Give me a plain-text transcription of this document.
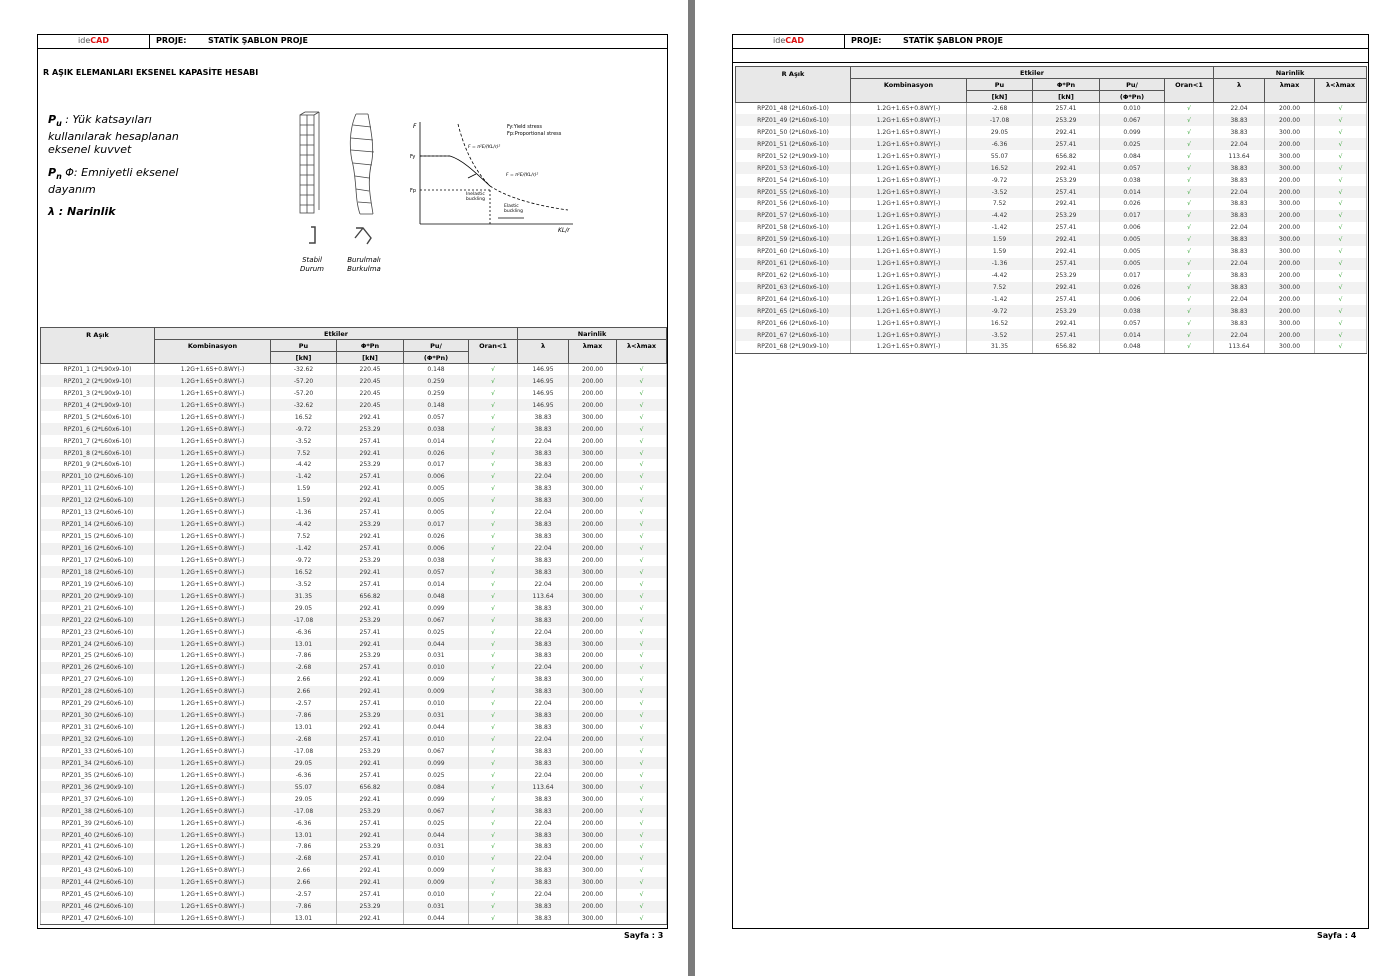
ideCAD	PROJE:	STATİK ŞABLON PROJE
R AŞIK ELEMANLARI EKSENEL KAPASİTE HESABI
$P_u$ : Yük katsayıları kullanılarak hesaplanan eksenel kuvvet
$P_n$ Φ: Emniyetli eksenel dayanım
λ : Narinlik
Stabil
Durum
Burulmalı
Burkulma
F
Fy
Fp
Fy:Yield stress
Fp:Proportional stress
F = π²E/(KL/r)²
F = π²E/(KL/r)²
Inelastic
buckling
Elastic
buckling
KL/r
R Aşık	Etkiler					Narinlik		
	Kombinasyon	Pu	Φ*Pn	Pu/	Oran<1	λ	λmax	λ<λmax
		[kN]	[kN]	(Φ*Pn)				
RPZ01_1 (2*L90x9-10)	1.2G+1.6S+0.8WY(-)	-32.62	220.45	0.148	√	146.95	200.00	√
RPZ01_2 (2*L90x9-10)	1.2G+1.6S+0.8WY(-)	-57.20	220.45	0.259	√	146.95	200.00	√
RPZ01_3 (2*L90x9-10)	1.2G+1.6S+0.8WY(-)	-57.20	220.45	0.259	√	146.95	200.00	√
RPZ01_4 (2*L90x9-10)	1.2G+1.6S+0.8WY(-)	-32.62	220.45	0.148	√	146.95	200.00	√
RPZ01_5 (2*L60x6-10)	1.2G+1.6S+0.8WY(-)	16.52	292.41	0.057	√	38.83	300.00	√
RPZ01_6 (2*L60x6-10)	1.2G+1.6S+0.8WY(-)	-9.72	253.29	0.038	√	38.83	200.00	√
RPZ01_7 (2*L60x6-10)	1.2G+1.6S+0.8WY(-)	-3.52	257.41	0.014	√	22.04	200.00	√
RPZ01_8 (2*L60x6-10)	1.2G+1.6S+0.8WY(-)	7.52	292.41	0.026	√	38.83	300.00	√
RPZ01_9 (2*L60x6-10)	1.2G+1.6S+0.8WY(-)	-4.42	253.29	0.017	√	38.83	200.00	√
RPZ01_10 (2*L60x6-10)	1.2G+1.6S+0.8WY(-)	-1.42	257.41	0.006	√	22.04	200.00	√
RPZ01_11 (2*L60x6-10)	1.2G+1.6S+0.8WY(-)	1.59	292.41	0.005	√	38.83	300.00	√
RPZ01_12 (2*L60x6-10)	1.2G+1.6S+0.8WY(-)	1.59	292.41	0.005	√	38.83	300.00	√
RPZ01_13 (2*L60x6-10)	1.2G+1.6S+0.8WY(-)	-1.36	257.41	0.005	√	22.04	200.00	√
RPZ01_14 (2*L60x6-10)	1.2G+1.6S+0.8WY(-)	-4.42	253.29	0.017	√	38.83	200.00	√
RPZ01_15 (2*L60x6-10)	1.2G+1.6S+0.8WY(-)	7.52	292.41	0.026	√	38.83	300.00	√
RPZ01_16 (2*L60x6-10)	1.2G+1.6S+0.8WY(-)	-1.42	257.41	0.006	√	22.04	200.00	√
RPZ01_17 (2*L60x6-10)	1.2G+1.6S+0.8WY(-)	-9.72	253.29	0.038	√	38.83	200.00	√
RPZ01_18 (2*L60x6-10)	1.2G+1.6S+0.8WY(-)	16.52	292.41	0.057	√	38.83	300.00	√
RPZ01_19 (2*L60x6-10)	1.2G+1.6S+0.8WY(-)	-3.52	257.41	0.014	√	22.04	200.00	√
RPZ01_20 (2*L90x9-10)	1.2G+1.6S+0.8WY(-)	31.35	656.82	0.048	√	113.64	300.00	√
RPZ01_21 (2*L60x6-10)	1.2G+1.6S+0.8WY(-)	29.05	292.41	0.099	√	38.83	300.00	√
RPZ01_22 (2*L60x6-10)	1.2G+1.6S+0.8WY(-)	-17.08	253.29	0.067	√	38.83	200.00	√
RPZ01_23 (2*L60x6-10)	1.2G+1.6S+0.8WY(-)	-6.36	257.41	0.025	√	22.04	200.00	√
RPZ01_24 (2*L60x6-10)	1.2G+1.6S+0.8WY(-)	13.01	292.41	0.044	√	38.83	300.00	√
RPZ01_25 (2*L60x6-10)	1.2G+1.6S+0.8WY(-)	-7.86	253.29	0.031	√	38.83	200.00	√
RPZ01_26 (2*L60x6-10)	1.2G+1.6S+0.8WY(-)	-2.68	257.41	0.010	√	22.04	200.00	√
RPZ01_27 (2*L60x6-10)	1.2G+1.6S+0.8WY(-)	2.66	292.41	0.009	√	38.83	300.00	√
RPZ01_28 (2*L60x6-10)	1.2G+1.6S+0.8WY(-)	2.66	292.41	0.009	√	38.83	300.00	√
RPZ01_29 (2*L60x6-10)	1.2G+1.6S+0.8WY(-)	-2.57	257.41	0.010	√	22.04	200.00	√
RPZ01_30 (2*L60x6-10)	1.2G+1.6S+0.8WY(-)	-7.86	253.29	0.031	√	38.83	200.00	√
RPZ01_31 (2*L60x6-10)	1.2G+1.6S+0.8WY(-)	13.01	292.41	0.044	√	38.83	300.00	√
RPZ01_32 (2*L60x6-10)	1.2G+1.6S+0.8WY(-)	-2.68	257.41	0.010	√	22.04	200.00	√
RPZ01_33 (2*L60x6-10)	1.2G+1.6S+0.8WY(-)	-17.08	253.29	0.067	√	38.83	200.00	√
RPZ01_34 (2*L60x6-10)	1.2G+1.6S+0.8WY(-)	29.05	292.41	0.099	√	38.83	300.00	√
RPZ01_35 (2*L60x6-10)	1.2G+1.6S+0.8WY(-)	-6.36	257.41	0.025	√	22.04	200.00	√
RPZ01_36 (2*L90x9-10)	1.2G+1.6S+0.8WY(-)	55.07	656.82	0.084	√	113.64	300.00	√
RPZ01_37 (2*L60x6-10)	1.2G+1.6S+0.8WY(-)	29.05	292.41	0.099	√	38.83	300.00	√
RPZ01_38 (2*L60x6-10)	1.2G+1.6S+0.8WY(-)	-17.08	253.29	0.067	√	38.83	200.00	√
RPZ01_39 (2*L60x6-10)	1.2G+1.6S+0.8WY(-)	-6.36	257.41	0.025	√	22.04	200.00	√
RPZ01_40 (2*L60x6-10)	1.2G+1.6S+0.8WY(-)	13.01	292.41	0.044	√	38.83	300.00	√
RPZ01_41 (2*L60x6-10)	1.2G+1.6S+0.8WY(-)	-7.86	253.29	0.031	√	38.83	200.00	√
RPZ01_42 (2*L60x6-10)	1.2G+1.6S+0.8WY(-)	-2.68	257.41	0.010	√	22.04	200.00	√
RPZ01_43 (2*L60x6-10)	1.2G+1.6S+0.8WY(-)	2.66	292.41	0.009	√	38.83	300.00	√
RPZ01_44 (2*L60x6-10)	1.2G+1.6S+0.8WY(-)	2.66	292.41	0.009	√	38.83	300.00	√
RPZ01_45 (2*L60x6-10)	1.2G+1.6S+0.8WY(-)	-2.57	257.41	0.010	√	22.04	200.00	√
RPZ01_46 (2*L60x6-10)	1.2G+1.6S+0.8WY(-)	-7.86	253.29	0.031	√	38.83	200.00	√
RPZ01_47 (2*L60x6-10)	1.2G+1.6S+0.8WY(-)	13.01	292.41	0.044	√	38.83	300.00	√
Sayfa : 3
ideCAD	PROJE:	STATİK ŞABLON PROJE
R Aşık	Etkiler					Narinlik		
	Kombinasyon	Pu	Φ*Pn	Pu/	Oran<1	λ	λmax	λ<λmax
		[kN]	[kN]	(Φ*Pn)				
RPZ01_48 (2*L60x6-10)	1.2G+1.6S+0.8WY(-)	-2.68	257.41	0.010	√	22.04	200.00	√
RPZ01_49 (2*L60x6-10)	1.2G+1.6S+0.8WY(-)	-17.08	253.29	0.067	√	38.83	200.00	√
RPZ01_50 (2*L60x6-10)	1.2G+1.6S+0.8WY(-)	29.05	292.41	0.099	√	38.83	300.00	√
RPZ01_51 (2*L60x6-10)	1.2G+1.6S+0.8WY(-)	-6.36	257.41	0.025	√	22.04	200.00	√
RPZ01_52 (2*L90x9-10)	1.2G+1.6S+0.8WY(-)	55.07	656.82	0.084	√	113.64	300.00	√
RPZ01_53 (2*L60x6-10)	1.2G+1.6S+0.8WY(-)	16.52	292.41	0.057	√	38.83	300.00	√
RPZ01_54 (2*L60x6-10)	1.2G+1.6S+0.8WY(-)	-9.72	253.29	0.038	√	38.83	200.00	√
RPZ01_55 (2*L60x6-10)	1.2G+1.6S+0.8WY(-)	-3.52	257.41	0.014	√	22.04	200.00	√
RPZ01_56 (2*L60x6-10)	1.2G+1.6S+0.8WY(-)	7.52	292.41	0.026	√	38.83	300.00	√
RPZ01_57 (2*L60x6-10)	1.2G+1.6S+0.8WY(-)	-4.42	253.29	0.017	√	38.83	200.00	√
RPZ01_58 (2*L60x6-10)	1.2G+1.6S+0.8WY(-)	-1.42	257.41	0.006	√	22.04	200.00	√
RPZ01_59 (2*L60x6-10)	1.2G+1.6S+0.8WY(-)	1.59	292.41	0.005	√	38.83	300.00	√
RPZ01_60 (2*L60x6-10)	1.2G+1.6S+0.8WY(-)	1.59	292.41	0.005	√	38.83	300.00	√
RPZ01_61 (2*L60x6-10)	1.2G+1.6S+0.8WY(-)	-1.36	257.41	0.005	√	22.04	200.00	√
RPZ01_62 (2*L60x6-10)	1.2G+1.6S+0.8WY(-)	-4.42	253.29	0.017	√	38.83	200.00	√
RPZ01_63 (2*L60x6-10)	1.2G+1.6S+0.8WY(-)	7.52	292.41	0.026	√	38.83	300.00	√
RPZ01_64 (2*L60x6-10)	1.2G+1.6S+0.8WY(-)	-1.42	257.41	0.006	√	22.04	200.00	√
RPZ01_65 (2*L60x6-10)	1.2G+1.6S+0.8WY(-)	-9.72	253.29	0.038	√	38.83	200.00	√
RPZ01_66 (2*L60x6-10)	1.2G+1.6S+0.8WY(-)	16.52	292.41	0.057	√	38.83	300.00	√
RPZ01_67 (2*L60x6-10)	1.2G+1.6S+0.8WY(-)	-3.52	257.41	0.014	√	22.04	200.00	√
RPZ01_68 (2*L90x9-10)	1.2G+1.6S+0.8WY(-)	31.35	656.82	0.048	√	113.64	300.00	√
Sayfa : 4
